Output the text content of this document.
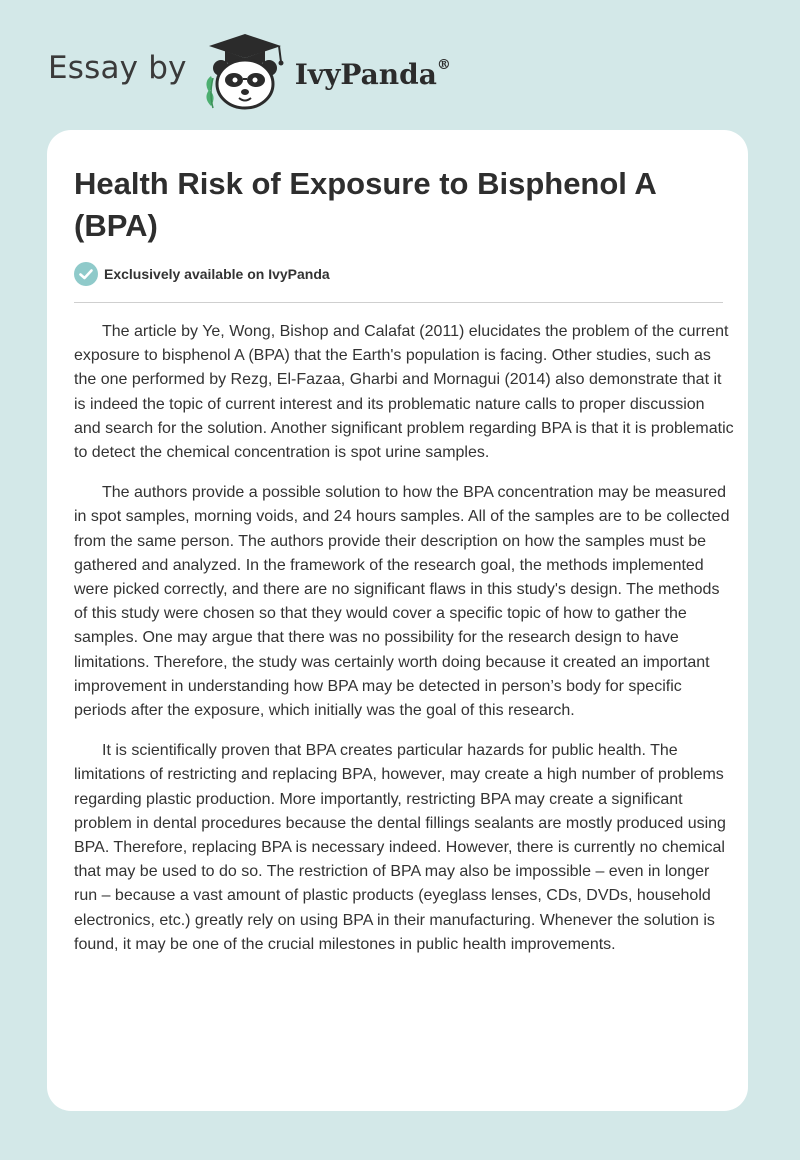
Essay by	IvyPanda®
Health Risk of Exposure to Bisphenol A (BPA)
Exclusively available on IvyPanda

The article by Ye, Wong, Bishop and Calafat (2011) elucidates the problem of the current exposure to bisphenol A (BPA) that the Earth's population is facing. Other studies, such as the one performed by Rezg, El-Fazaa, Gharbi and Mornagui (2014) also demonstrate that it is indeed the topic of current interest and its problematic nature calls to proper discussion and search for the solution. Another significant problem regarding BPA is that it is problematic to detect the chemical concentration is spot urine samples.

The authors provide a possible solution to how the BPA concentration may be measured in spot samples, morning voids, and 24 hours samples. All of the samples are to be collected from the same person. The authors provide their description on how the samples must be gathered and analyzed. In the framework of the research goal, the methods implemented were picked correctly, and there are no significant flaws in this study's design. The methods of this study were chosen so that they would cover a specific topic of how to gather the samples. One may argue that there was no possibility for the research design to have limitations. Therefore, the study was certainly worth doing because it created an important improvement in understanding how BPA may be detected in person’s body for specific periods after the exposure, which initially was the goal of this research.

It is scientifically proven that BPA creates particular hazards for public health. The limitations of restricting and replacing BPA, however, may create a high number of problems regarding plastic production. More importantly, restricting BPA may create a significant problem in dental procedures because the dental fillings sealants are mostly produced using BPA. Therefore, replacing BPA is necessary indeed. However, there is currently no chemical that may be used to do so. The restriction of BPA may also be impossible – even in longer run – because a vast amount of plastic products (eyeglass lenses, CDs, DVDs, household electronics, etc.) greatly rely on using BPA in their manufacturing. Whenever the solution is found, it may be one of the crucial milestones in public health improvements.
